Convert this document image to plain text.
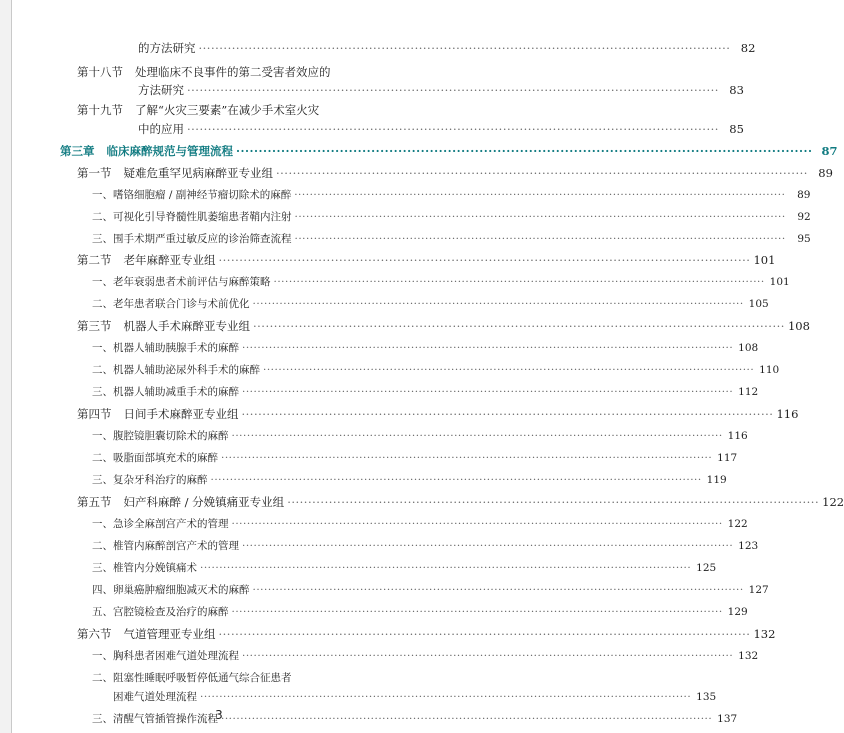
的方法研究 ·····	82
第十八节 处理临床不良事件的第二受害者效应的
方法研究 ·····	83
第十九节 了解“火灾三要素”在减少手术室火灾
中的应用 ·····	85
第三章 临床麻醉规范与管理流程 ·····	87
第一节 疑难危重罕见病麻醉亚专业组 ·····	89
一、嗜铬细胞瘤 / 副神经节瘤切除术的麻醉 ·····	89
二、可视化引导脊髓性肌萎缩患者鞘内注射 ·····	92
三、围手术期严重过敏反应的诊治筛查流程 ·····	95
第二节 老年麻醉亚专业组 ·····	101
一、老年衰弱患者术前评估与麻醉策略 ·····	101
二、老年患者联合门诊与术前优化 ·····	105
第三节 机器人手术麻醉亚专业组 ·····	108
一、机器人辅助胰腺手术的麻醉 ·····	108
二、机器人辅助泌尿外科手术的麻醉 ·····	110
三、机器人辅助减重手术的麻醉 ·····	112
第四节 日间手术麻醉亚专业组 ·····	116
一、腹腔镜胆囊切除术的麻醉 ·····	116
二、吸脂面部填充术的麻醉 ·····	117
三、复杂牙科治疗的麻醉 ·····	119
第五节 妇产科麻醉 / 分娩镇痛亚专业组 ·····	122
一、急诊全麻剖宫产术的管理 ·····	122
二、椎管内麻醉剖宫产术的管理 ·····	123
三、椎管内分娩镇痛术 ·····	125
四、卵巢癌肿瘤细胞减灭术的麻醉 ·····	127
五、宫腔镜检查及治疗的麻醉 ·····	129
第六节 气道管理亚专业组 ·····	132
一、胸科患者困难气道处理流程 ·····	132
二、阻塞性睡眠呼吸暂停低通气综合征患者
困难气道处理流程 ·····	135
三、清醒气管插管操作流程 ·····	137
3
